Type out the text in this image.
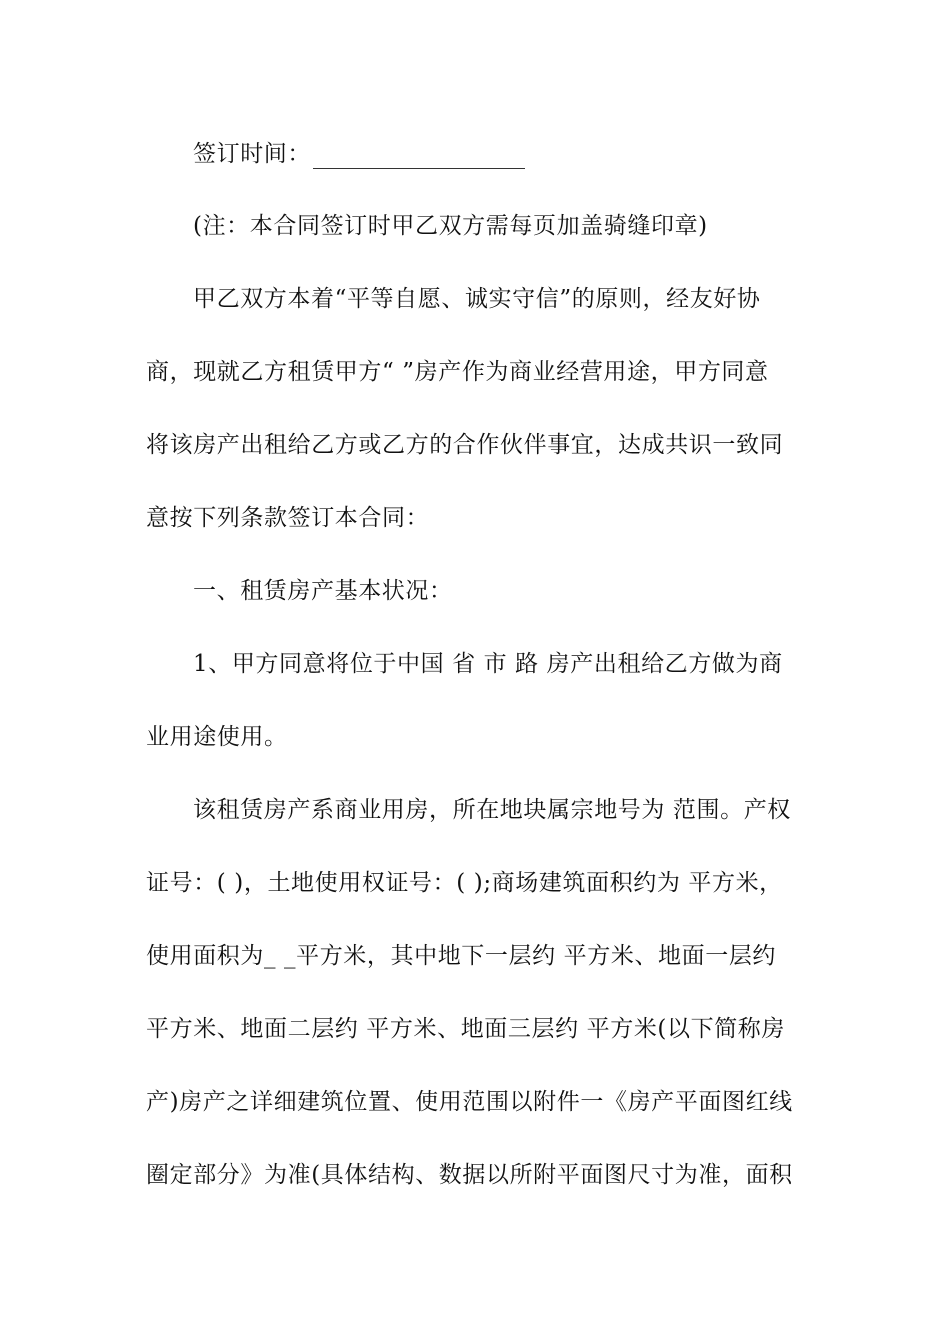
签订时间：
(注：本合同签订时甲乙双方需每页加盖骑缝印章)
甲乙双方本着“平等自愿、诚实守信”的原则，经友好协
商，现就乙方租赁甲方“ ”房产作为商业经营用途，甲方同意
将该房产出租给乙方或乙方的合作伙伴事宜，达成共识一致同
意按下列条款签订本合同：
一、租赁房产基本状况：
1、甲方同意将位于中国 省 市 路 房产出租给乙方做为商
业用途使用。
该租赁房产系商业用房，所在地块属宗地号为 范围。产权
证号：( )，土地使用权证号：( );商场建筑面积约为 平方米，
使用面积为_ _平方米，其中地下一层约 平方米、地面一层约
平方米、地面二层约 平方米、地面三层约 平方米(以下简称房
产)房产之详细建筑位置、使用范围以附件一《房产平面图红线
圈定部分》为准(具体结构、数据以所附平面图尺寸为准，面积
